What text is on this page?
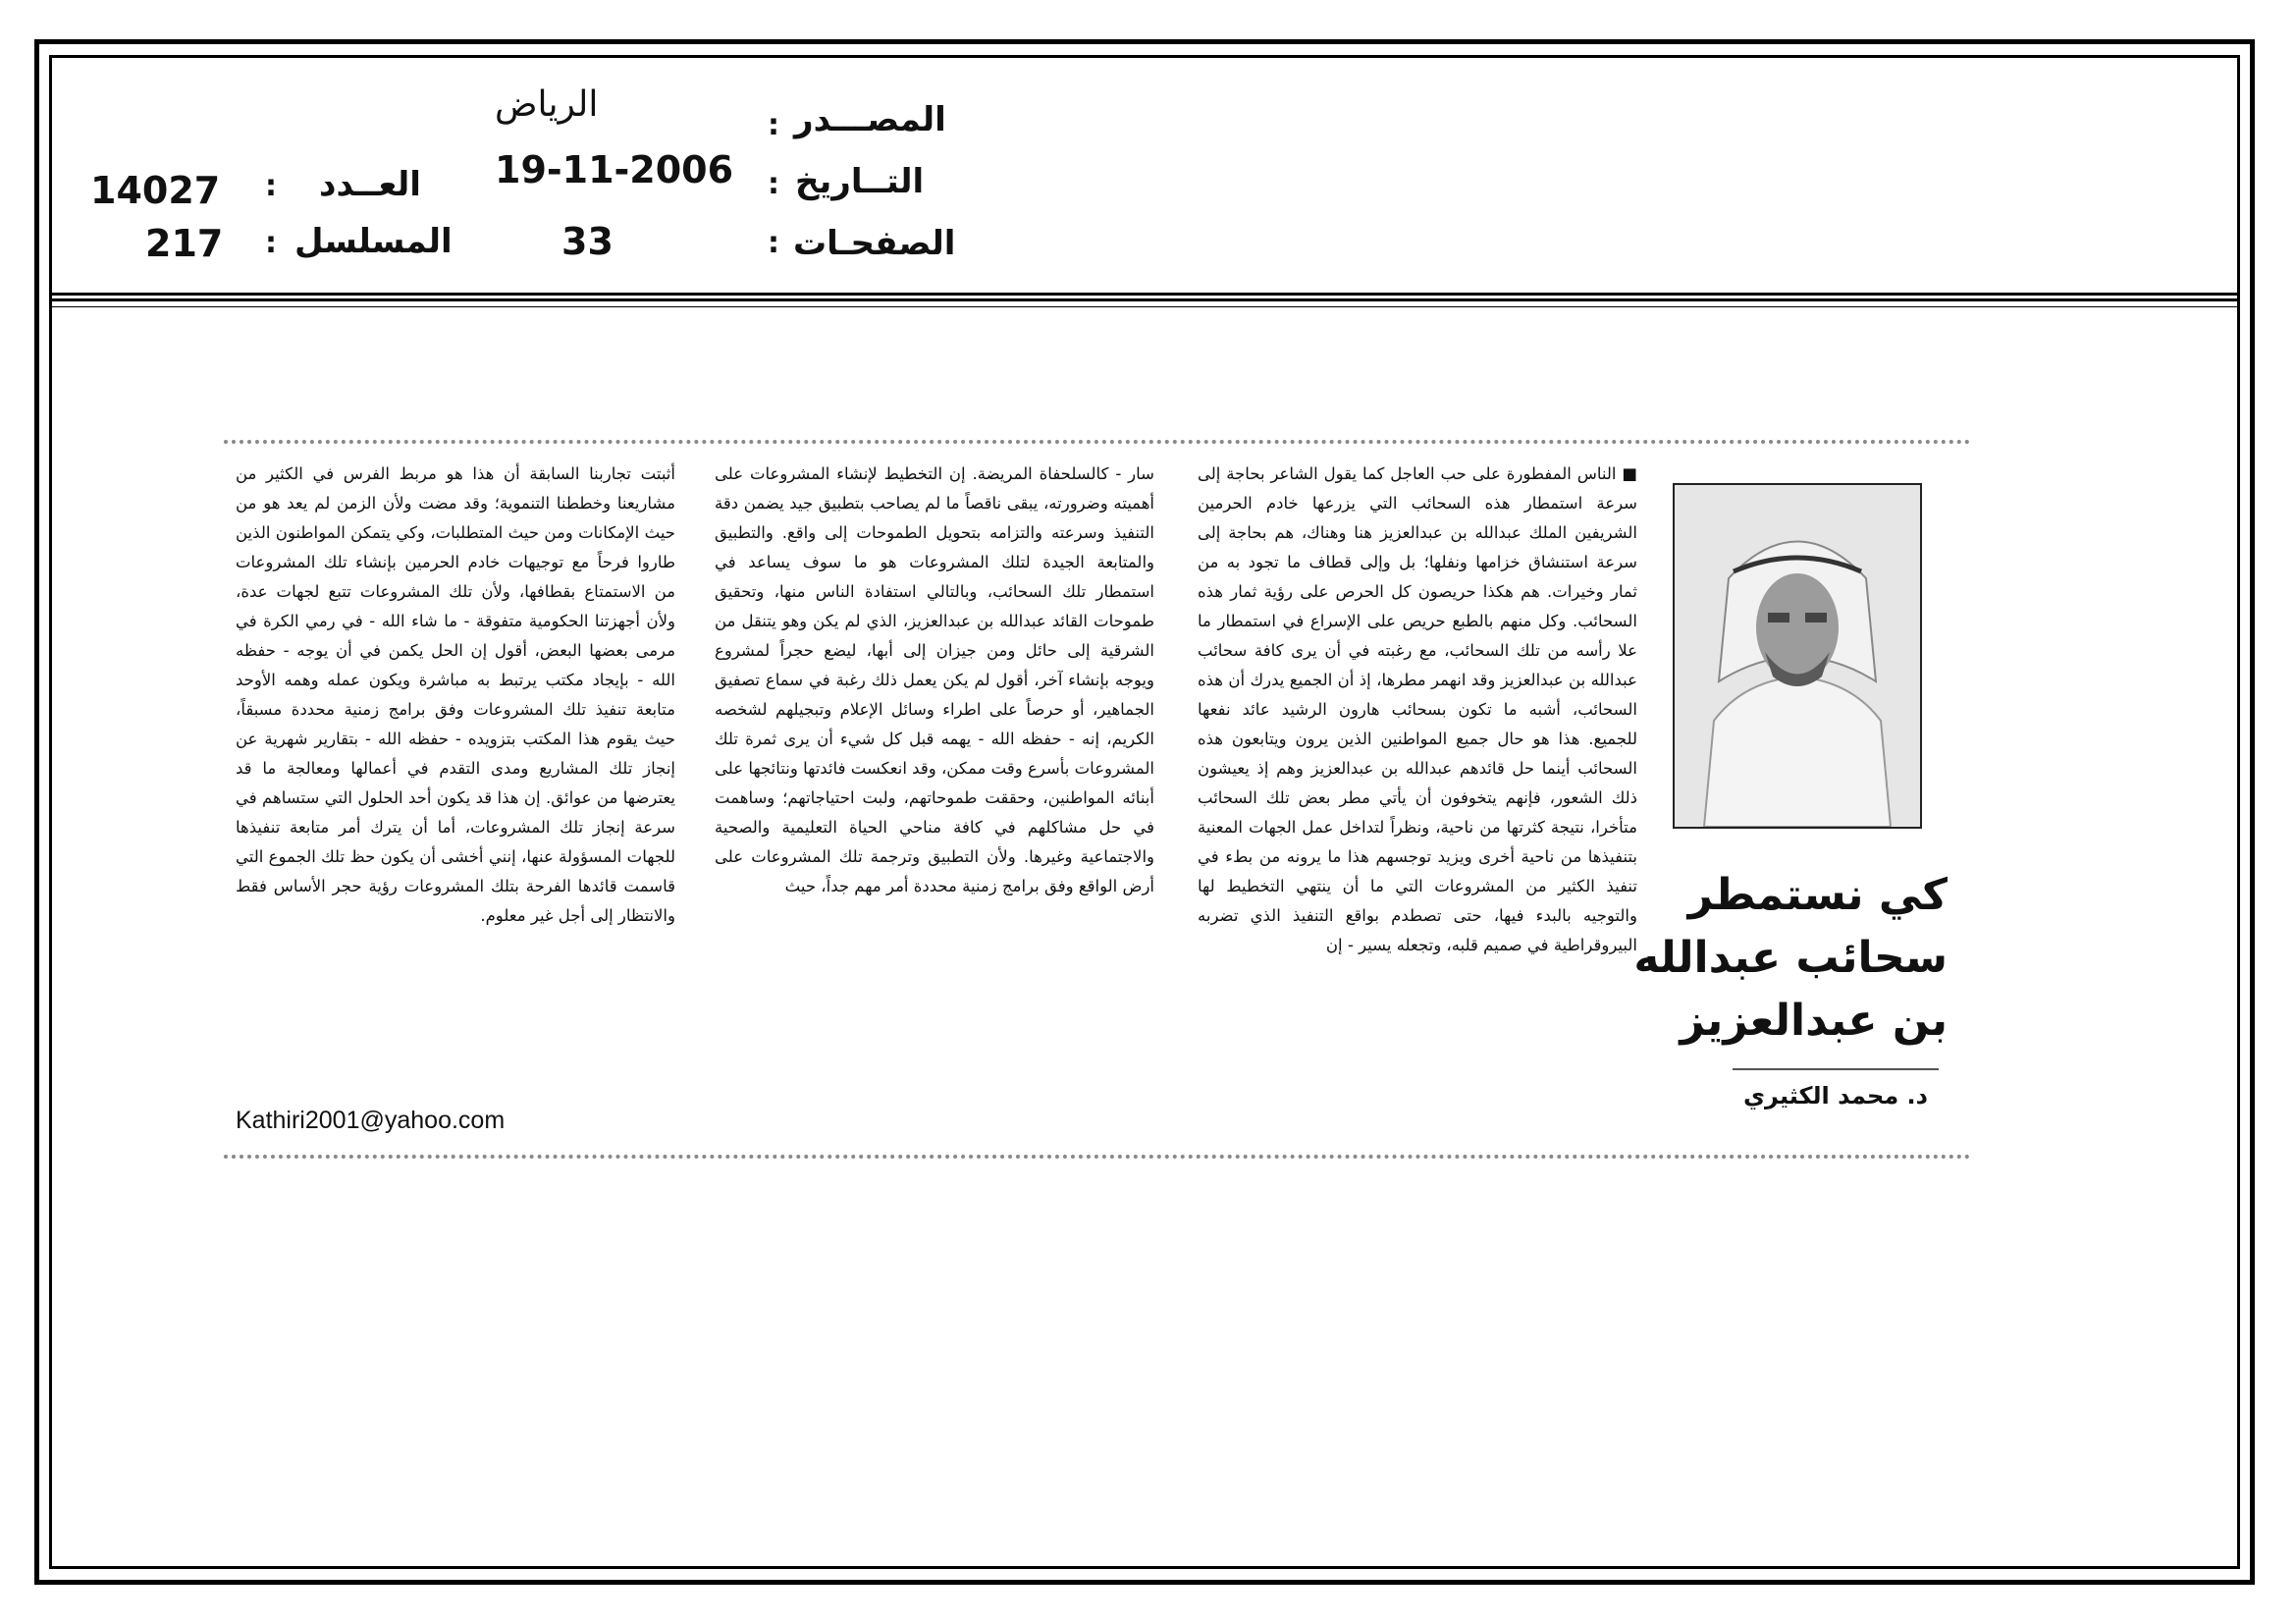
الرياض	المصـــدر
:
19-11-2006 التــاريخ
:
33	الصفحـات
:
14027 : العــدد
217 : المسلسل
كي نستمطر
سحائب عبدالله
بن عبدالعزيز
د. محمد الكثيري

■ الناس المفطورة على حب العاجل كما يقول الشاعر بحاجة إلى سرعة استمطار هذه السحائب التي يزرعها خادم الحرمين الشريفين الملك عبدالله بن عبدالعزيز هنا وهناك، هم بحاجة إلى سرعة استنشاق خزامها ونفلها؛ بل وإلى قطاف ما تجود به من ثمار وخيرات. هم هكذا حريصون كل الحرص على رؤية ثمار هذه السحائب. وكل منهم بالطبع حريص على الإسراع في استمطار ما علا رأسه من تلك السحائب، مع رغبته في أن يرى كافة سحائب عبدالله بن عبدالعزيز وقد انهمر مطرها، إذ أن الجميع يدرك أن هذه السحائب، أشبه ما تكون بسحائب هارون الرشيد عائد نفعها للجميع. هذا هو حال جميع المواطنين الذين يرون ويتابعون هذه السحائب أينما حل قائدهم عبدالله بن عبدالعزيز وهم إذ يعيشون ذلك الشعور، فإنهم يتخوفون أن يأتي مطر بعض تلك السحائب متأخرا، نتيجة كثرتها من ناحية، ونظراً لتداخل عمل الجهات المعنية بتنفيذها من ناحية أخرى ويزيد توجسهم هذا ما يرونه من بطء في تنفيذ الكثير من المشروعات التي ما أن ينتهي التخطيط لها والتوجيه بالبدء فيها، حتى تصطدم بواقع التنفيذ الذي تضربه البيروقراطية في صميم قلبه، وتجعله يسير - إن

سار - كالسلحفاة المريضة. إن التخطيط لإنشاء المشروعات على أهميته وضرورته، يبقى ناقصاً ما لم يصاحب بتطبيق جيد يضمن دقة التنفيذ وسرعته والتزامه بتحويل الطموحات إلى واقع. والتطبيق والمتابعة الجيدة لتلك المشروعات هو ما سوف يساعد في استمطار تلك السحائب، وبالتالي استفادة الناس منها، وتحقيق طموحات القائد عبدالله بن عبدالعزيز، الذي لم يكن وهو يتنقل من الشرقية إلى حائل ومن جيزان إلى أبها، ليضع حجراً لمشروع ويوجه بإنشاء آخر، أقول لم يكن يعمل ذلك رغبة في سماع تصفيق الجماهير، أو حرصاً على اطراء وسائل الإعلام وتبجيلهم لشخصه الكريم، إنه - حفظه الله - يهمه قبل كل شيء أن يرى ثمرة تلك المشروعات بأسرع وقت ممكن، وقد انعكست فائدتها ونتائجها على أبنائه المواطنين، وحققت طموحاتهم، ولبت احتياجاتهم؛ وساهمت في حل مشاكلهم في كافة مناحي الحياة التعليمية والصحية والاجتماعية وغيرها. ولأن التطبيق وترجمة تلك المشروعات على أرض الواقع وفق برامج زمنية محددة أمر مهم جداً، حيث

أثبتت تجاربنا السابقة أن هذا هو مربط الفرس في الكثير من مشاريعنا وخططنا التنموية؛ وقد مضت ولأن الزمن لم يعد هو من حيث الإمكانات ومن حيث المتطلبات، وكي يتمكن المواطنون الذين طاروا فرحاً مع توجيهات خادم الحرمين بإنشاء تلك المشروعات من الاستمتاع بقطافها، ولأن تلك المشروعات تتبع لجهات عدة، ولأن أجهزتنا الحكومية متفوقة - ما شاء الله - في رمي الكرة في مرمى بعضها البعض، أقول إن الحل يكمن في أن يوجه - حفظه الله - بإيجاد مكتب يرتبط به مباشرة ويكون عمله وهمه الأوحد متابعة تنفيذ تلك المشروعات وفق برامج زمنية محددة مسبقاً، حيث يقوم هذا المكتب بتزويده - حفظه الله - بتقارير شهرية عن إنجاز تلك المشاريع ومدى التقدم في أعمالها ومعالجة ما قد يعترضها من عوائق. إن هذا قد يكون أحد الحلول التي ستساهم في سرعة إنجاز تلك المشروعات، أما أن يترك أمر متابعة تنفيذها للجهات المسؤولة عنها، إنني أخشى أن يكون حظ تلك الجموع التي قاسمت قائدها الفرحة بتلك المشروعات رؤية حجر الأساس فقط والانتظار إلى أجل غير معلوم.

Kathiri2001@yahoo.com
